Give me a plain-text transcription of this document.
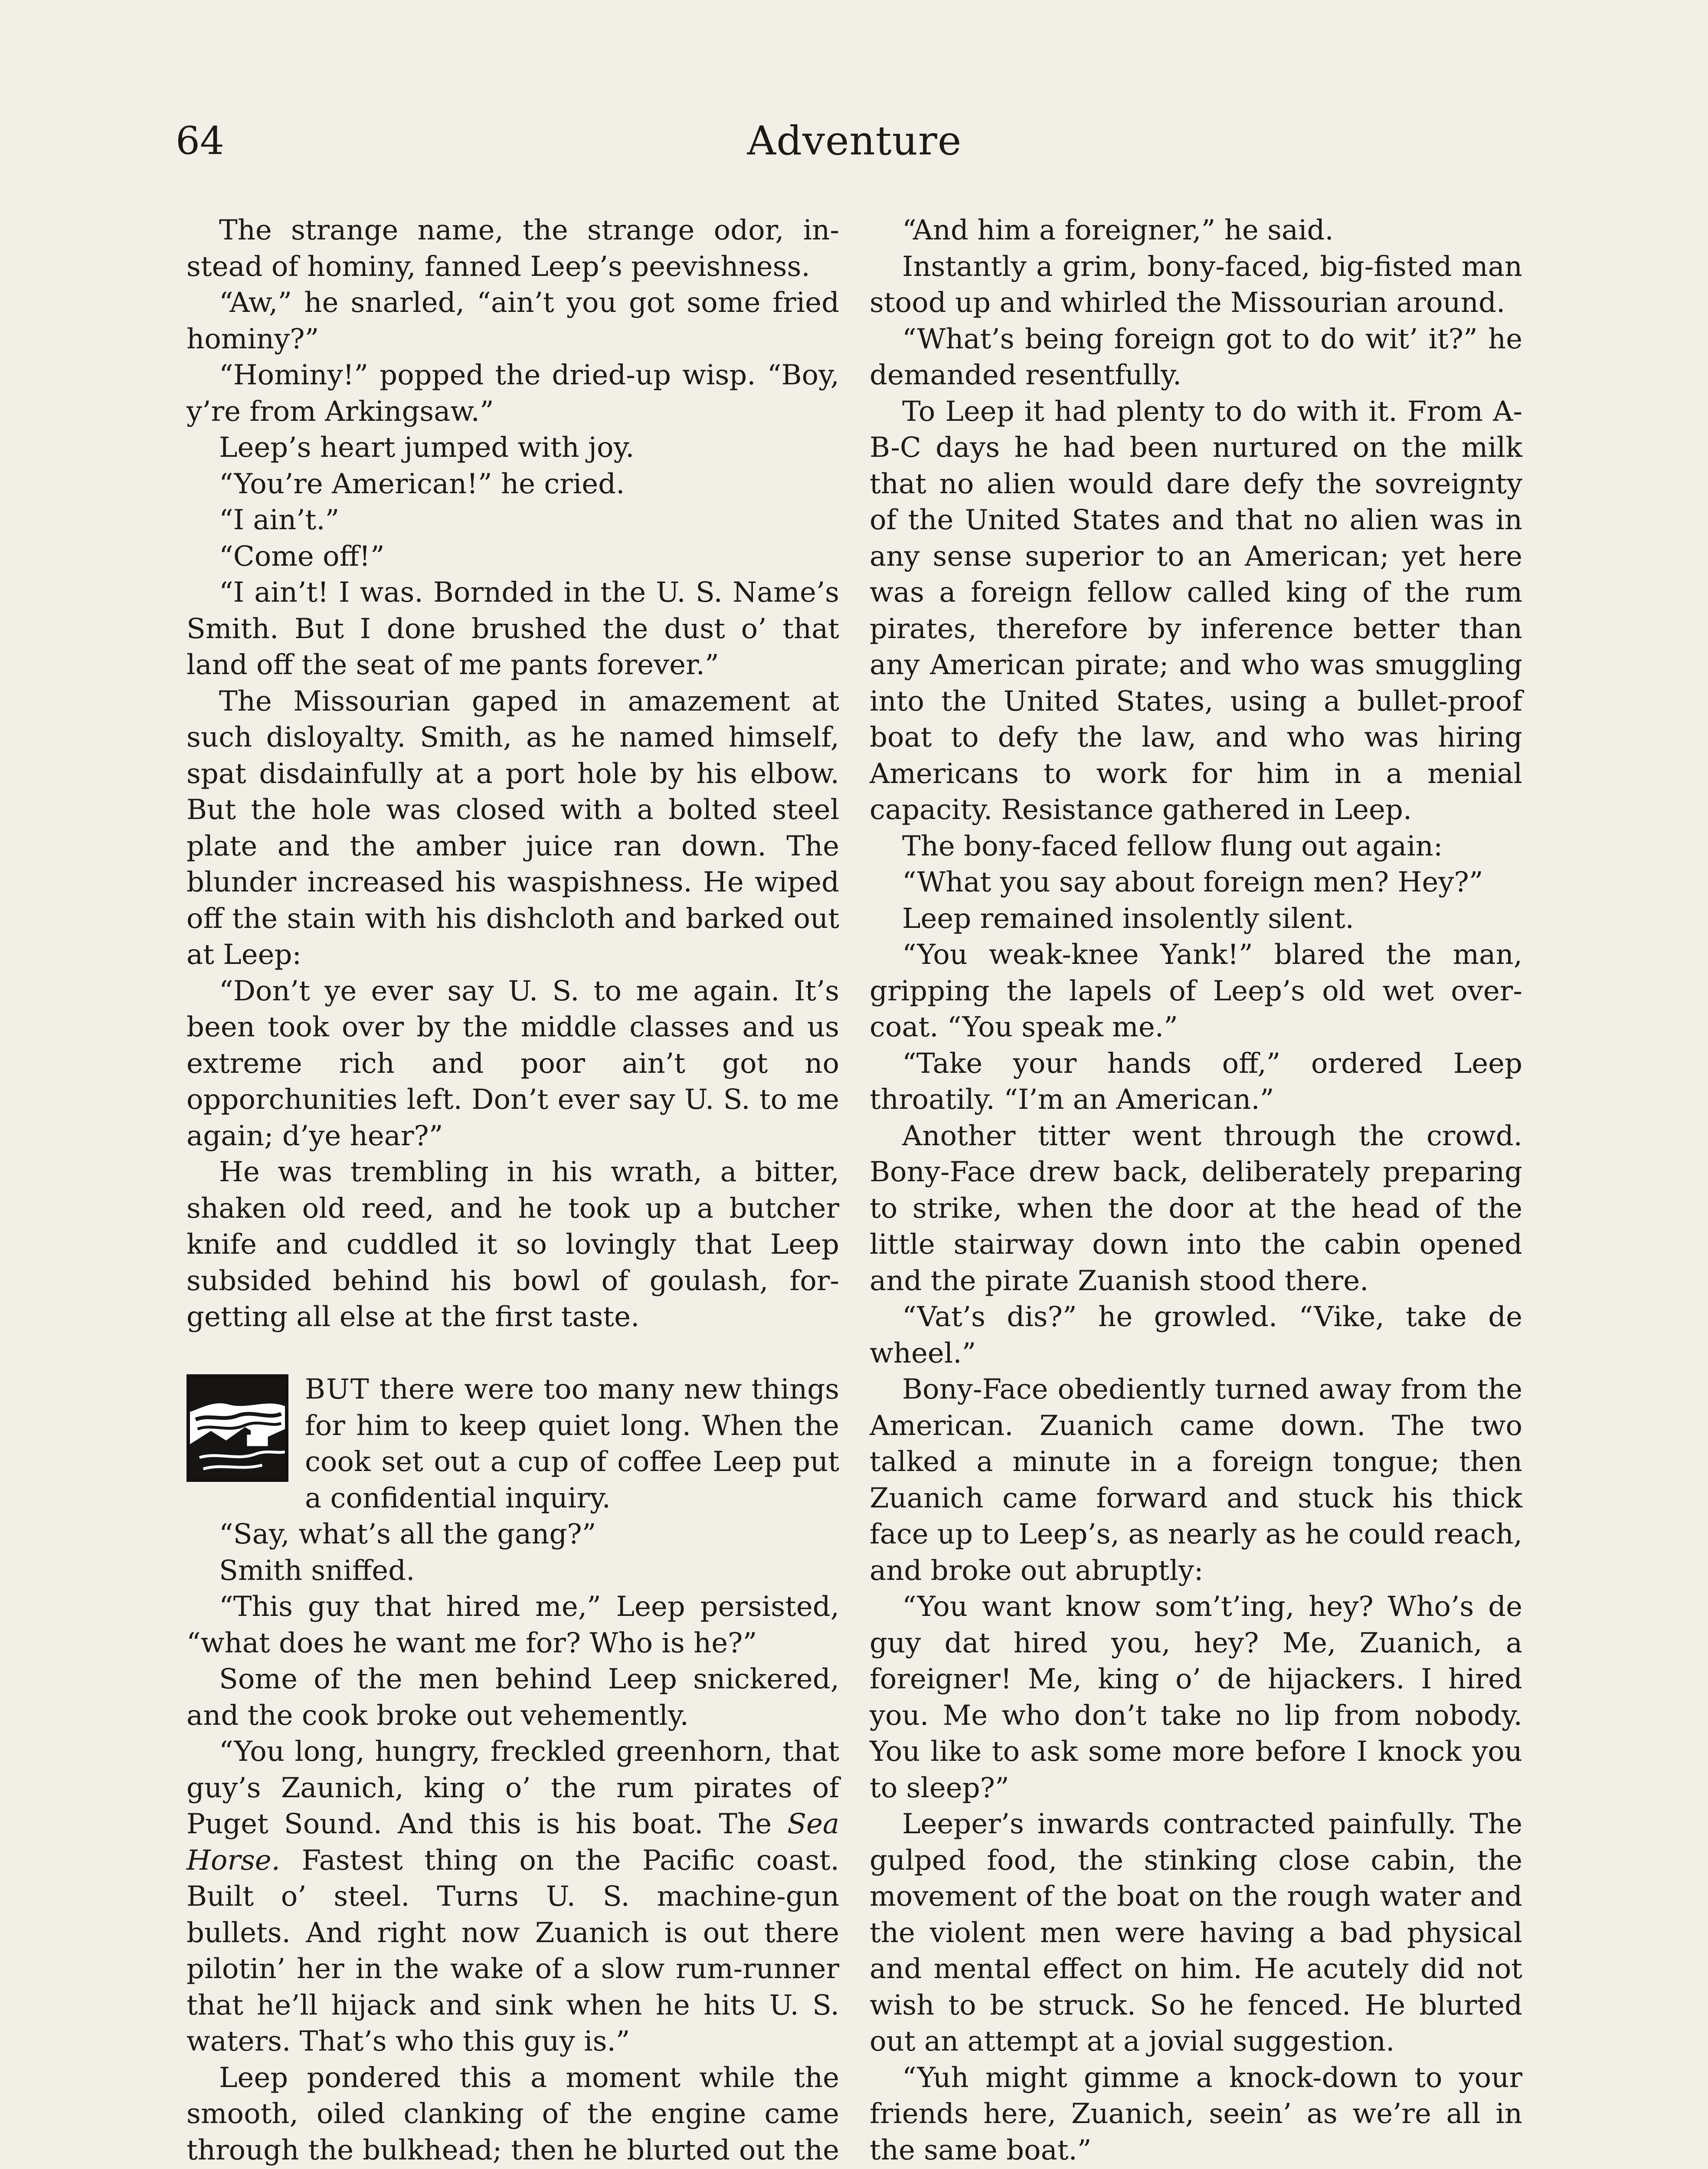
64	Adventure

The strange name, the strange odor, instead of hominy, fanned Leep’s peevishness.

“Aw,” he snarled, “ain’t you got some fried hominy?”

“Hominy!” popped the dried-up wisp. “Boy, y’re from Arkingsaw.”

Leep’s heart jumped with joy.

“You’re American!” he cried.

“I ain’t.”

“Come off!”

“I ain’t! I was. Bornded in the U. S. Name’s Smith. But I done brushed the dust o’ that land off the seat of me pants forever.”

The Missourian gaped in amazement at such disloyalty. Smith, as he named himself, spat disdainfully at a port hole by his elbow. But the hole was closed with a bolted steel plate and the amber juice ran down. The blunder increased his waspishness. He wiped off the stain with his dishcloth and barked out at Leep:

“Don’t ye ever say U. S. to me again. It’s been took over by the middle classes and us extreme rich and poor ain’t got no opporchunities left. Don’t ever say U. S. to me again; d’ye hear?”

He was trembling in his wrath, a bitter, shaken old reed, and he took up a butcher knife and cuddled it so lovingly that Leep subsided behind his bowl of goulash, forgetting all else at the first taste.

BUT there were too many new things for him to keep quiet long. When the cook set out a cup of coffee Leep put a confidential inquiry.

“Say, what’s all the gang?”

Smith sniffed.

“This guy that hired me,” Leep persisted, “what does he want me for? Who is he?”

Some of the men behind Leep snickered, and the cook broke out vehemently.

“You long, hungry, freckled greenhorn, that guy’s Zaunich, king o’ the rum pirates of Puget Sound. And this is his boat. The Sea Horse. Fastest thing on the Pacific coast. Built o’ steel. Turns U. S. machine-gun bullets. And right now Zuanich is out there pilotin’ her in the wake of a slow rum-runner that he’ll hijack and sink when he hits U. S. waters. That’s who this guy is.”

Leep pondered this a moment while the smooth, oiled clanking of the engine came through the bulkhead; then he blurted out the

“And him a foreigner,” he said.

Instantly a grim, bony-faced, big-fisted man stood up and whirled the Missourian around.

“What’s being foreign got to do wit’ it?” he demanded resentfully.

To Leep it had plenty to do with it. From A-B-C days he had been nurtured on the milk that no alien would dare defy the sovreignty of the United States and that no alien was in any sense superior to an American; yet here was a foreign fellow called king of the rum pirates, therefore by inference better than any American pirate; and who was smuggling into the United States, using a bullet-proof boat to defy the law, and who was hiring Americans to work for him in a menial capacity. Resistance gathered in Leep.

The bony-faced fellow flung out again:

“What you say about foreign men? Hey?”

Leep remained insolently silent.

“You weak-knee Yank!” blared the man, gripping the lapels of Leep’s old wet overcoat. “You speak me.”

“Take your hands off,” ordered Leep throatily. “I’m an American.”

Another titter went through the crowd. Bony-Face drew back, deliberately preparing to strike, when the door at the head of the little stairway down into the cabin opened and the pirate Zuanish stood there.

“Vat’s dis?” he growled. “Vike, take de wheel.”

Bony-Face obediently turned away from the American. Zuanich came down. The two talked a minute in a foreign tongue; then Zuanich came forward and stuck his thick face up to Leep’s, as nearly as he could reach, and broke out abruptly:

“You want know som’t’ing, hey? Who’s de guy dat hired you, hey? Me, Zuanich, a foreigner! Me, king o’ de hijackers. I hired you. Me who don’t take no lip from nobody. You like to ask some more before I knock you to sleep?”

Leeper’s inwards contracted painfully. The gulped food, the stinking close cabin, the movement of the boat on the rough water and the violent men were having a bad physical and mental effect on him. He acutely did not wish to be struck. So he fenced. He blurted out an attempt at a jovial suggestion.

“Yuh might gimme a knock-down to your friends here, Zuanich, seein’ as we’re all in the same boat.”
